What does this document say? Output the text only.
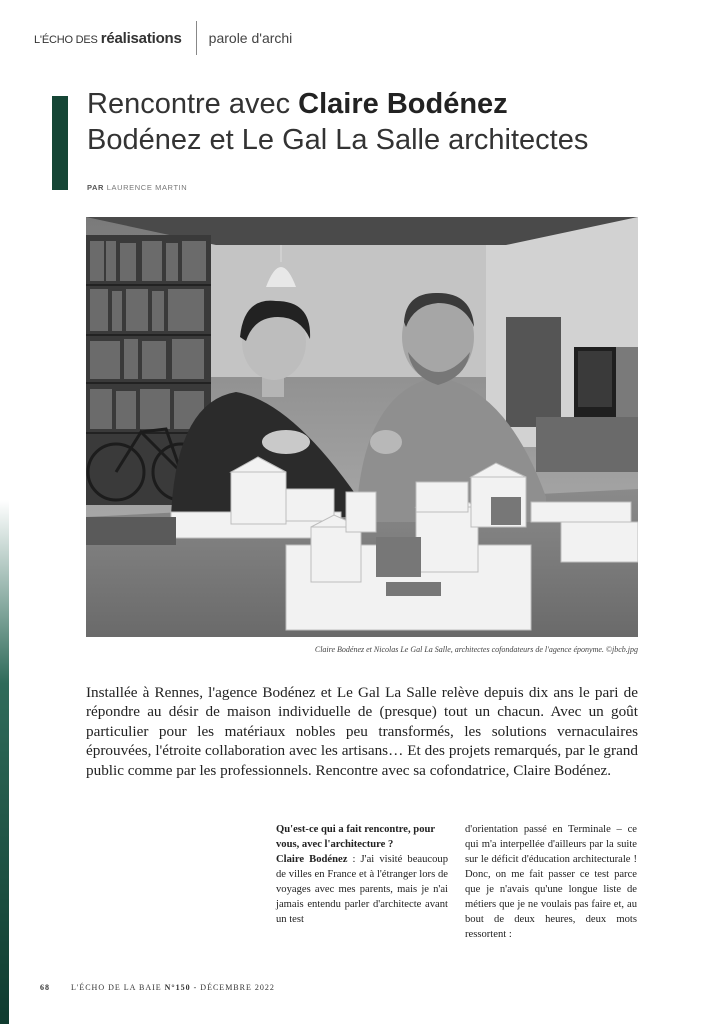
L'ÉCHO DES réalisations parole d'archi
Rencontre avec Claire Bodénez
Bodénez et Le Gal La Salle architectes
PAR LAURENCE MARTIN
Claire Bodénez et Nicolas Le Gal La Salle, architectes cofondateurs de l'agence éponyme. ©jbcb.jpg

Installée à Rennes, l'agence Bodénez et Le Gal La Salle relève depuis dix ans le pari de répondre au désir de maison individuelle de (presque) tout un chacun. Avec un goût particulier pour les matériaux nobles peu transformés, les solutions vernaculaires éprouvées, l'étroite collaboration avec les artisans… Et des projets remarqués, par le grand public comme par les professionnels. Rencontre avec sa cofondatrice, Claire Bodénez.

Qu'est-ce qui a fait rencontre, pour vous, avec l'architecture ?

Claire Bodénez : J'ai visité beaucoup de villes en France et à l'étranger lors de voyages avec mes parents, mais je n'ai jamais entendu parler d'architecte avant un test

d'orientation passé en Terminale – ce qui m'a interpellée d'ailleurs par la suite sur le déficit d'éducation architecturale ! Donc, on me fait passer ce test parce que je n'avais qu'une longue liste de métiers que je ne voulais pas faire et, au bout de deux heures, deux mots ressortent :

68	L'ÉCHO DE LA BAIE N°150 - DÉCEMBRE 2022
